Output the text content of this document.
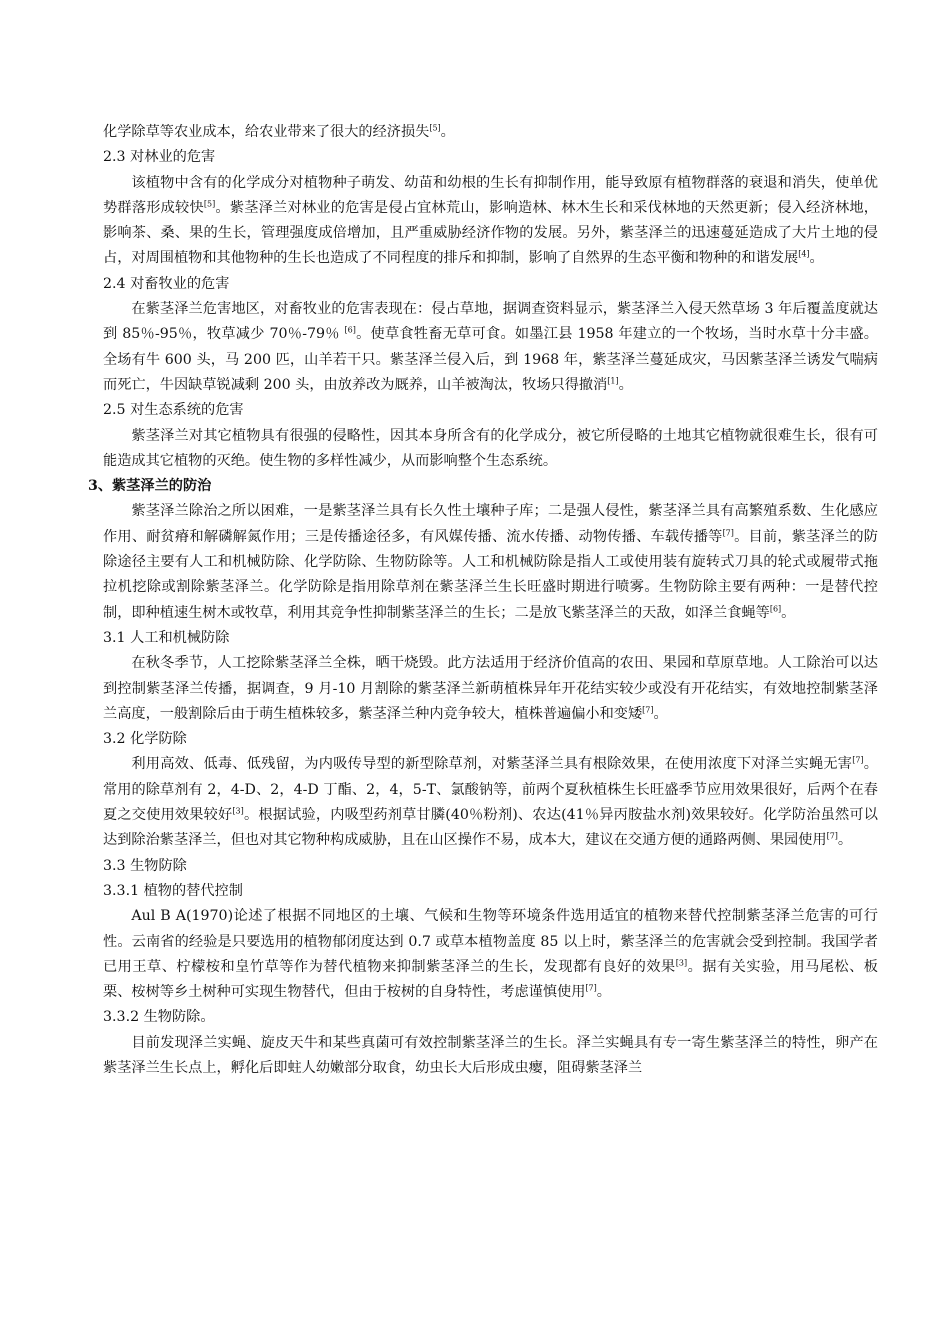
化学除草等农业成本，给农业带来了很大的经济损失[5]。

2.3 对林业的危害

该植物中含有的化学成分对植物种子萌发、幼苗和幼根的生长有抑制作用，能导致原有植物群落的衰退和消失，使单优势群落形成较快[5]。紫茎泽兰对林业的危害是侵占宜林荒山，影响造林、林木生长和采伐林地的天然更新；侵入经济林地，影响茶、桑、果的生长，管理强度成倍增加，且严重威胁经济作物的发展。另外，紫茎泽兰的迅速蔓延造成了大片土地的侵占，对周围植物和其他物种的生长也造成了不同程度的排斥和抑制，影响了自然界的生态平衡和物种的和谐发展[4]。

2.4 对畜牧业的危害

在紫茎泽兰危害地区，对畜牧业的危害表现在：侵占草地，据调查资料显示，紫茎泽兰入侵天然草场 3 年后覆盖度就达到 85％-95％，牧草减少 70％-79％ [6]。使草食牲畜无草可食。如墨江县 1958 年建立的一个牧场，当时水草十分丰盛。全场有牛 600 头，马 200 匹，山羊若干只。紫茎泽兰侵入后，到 1968 年，紫茎泽兰蔓延成灾，马因紫茎泽兰诱发气喘病而死亡，牛因缺草锐减剩 200 头，由放养改为厩养，山羊被淘汰，牧场只得撤消[1]。

2.5 对生态系统的危害

紫茎泽兰对其它植物具有很强的侵略性，因其本身所含有的化学成分，被它所侵略的土地其它植物就很难生长，很有可能造成其它植物的灭绝。使生物的多样性减少，从而影响整个生态系统。

3、紫茎泽兰的防治

紫茎泽兰除治之所以困难，一是紫茎泽兰具有长久性土壤种子库；二是强人侵性，紫茎泽兰具有高繁殖系数、生化感应作用、耐贫瘠和解磷解氮作用；三是传播途径多，有风媒传播、流水传播、动物传播、车载传播等[7]。目前，紫茎泽兰的防除途径主要有人工和机械防除、化学防除、生物防除等。人工和机械防除是指人工或使用装有旋转式刀具的轮式或履带式拖拉机挖除或割除紫茎泽兰。化学防除是指用除草剂在紫茎泽兰生长旺盛时期进行喷雾。生物防除主要有两种：一是替代控制，即种植速生树木或牧草，利用其竞争性抑制紫茎泽兰的生长；二是放飞紫茎泽兰的天敌，如泽兰食蝇等[6]。

3.1 人工和机械防除

在秋冬季节，人工挖除紫茎泽兰全株，晒干烧毁。此方法适用于经济价值高的农田、果园和草原草地。人工除治可以达到控制紫茎泽兰传播，据调查，9 月-10 月割除的紫茎泽兰新萌植株异年开花结实较少或没有开花结实，有效地控制紫茎泽兰高度，一般割除后由于萌生植株较多，紫茎泽兰种内竞争较大，植株普遍偏小和变矮[7]。

3.2 化学防除

利用高效、低毒、低残留，为内吸传导型的新型除草剂，对紫茎泽兰具有根除效果，在使用浓度下对泽兰实蝇无害[7]。常用的除草剂有 2，4-D、2，4-D 丁酯、2，4，5-T、氯酸钠等，前两个夏秋植株生长旺盛季节应用效果很好，后两个在春夏之交使用效果较好[3]。根据试验，内吸型药剂草甘膦(40％粉剂)、农达(41％异丙胺盐水剂)效果较好。化学防治虽然可以达到除治紫茎泽兰，但也对其它物种构成威胁，且在山区操作不易，成本大，建议在交通方便的通路两侧、果园使用[7]。

3.3 生物防除
3.3.1 植物的替代控制

Aul B A(1970)论述了根据不同地区的土壤、气候和生物等环境条件选用适宜的植物来替代控制紫茎泽兰危害的可行性。云南省的经验是只要选用的植物郁闭度达到 0.7 或草本植物盖度 85 以上时，紫茎泽兰的危害就会受到控制。我国学者已用王草、柠檬桉和皇竹草等作为替代植物来抑制紫茎泽兰的生长，发现都有良好的效果[3]。据有关实验，用马尾松、板栗、桉树等乡土树种可实现生物替代，但由于桉树的自身特性，考虑谨慎使用[7]。

3.3.2 生物防除。

目前发现泽兰实蝇、旋皮天牛和某些真菌可有效控制紫茎泽兰的生长。泽兰实蝇具有专一寄生紫茎泽兰的特性，卵产在紫茎泽兰生长点上，孵化后即蛀人幼嫩部分取食，幼虫长大后形成虫瘿，阻碍紫茎泽兰
